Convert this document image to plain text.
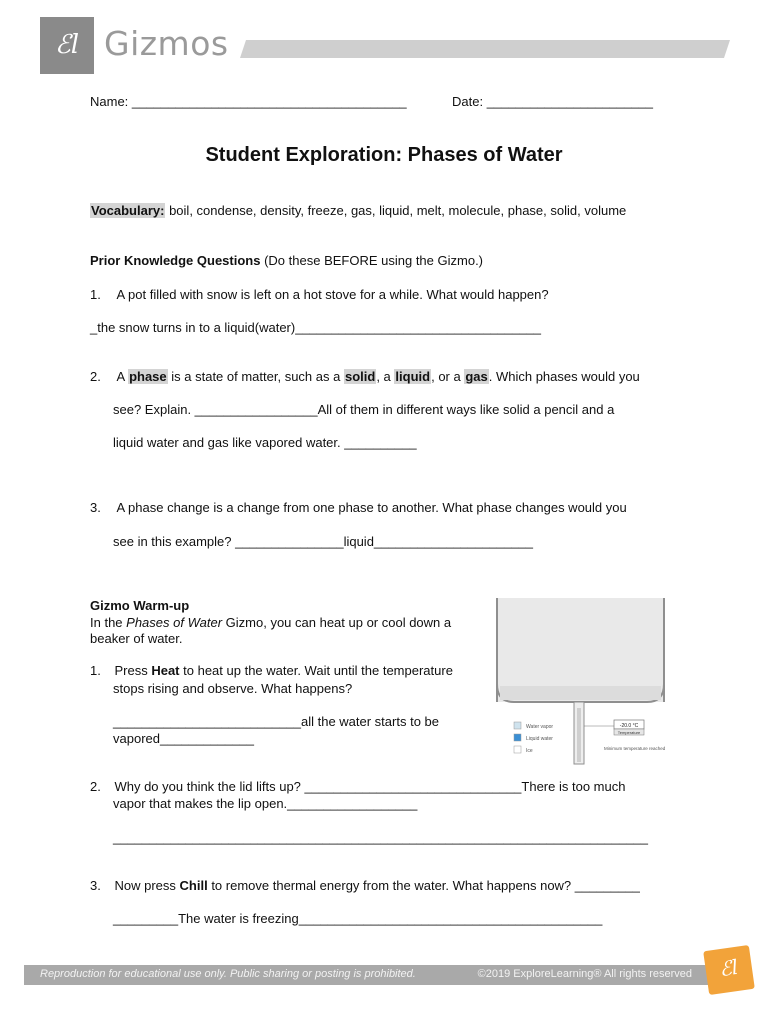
ℰl Gizmos
Name: ______________________________________	Date: _______________________
Student Exploration: Phases of Water
Vocabulary: boil, condense, density, freeze, gas, liquid, melt, molecule, phase, solid, volume
Prior Knowledge Questions (Do these BEFORE using the Gizmo.)
1. A pot filled with snow is left on a hot stove for a while. What would happen?
_the snow turns in to a liquid(water)__________________________________
2. A phase is a state of matter, such as a solid, a liquid, or a gas. Which phases would you
see? Explain. _________________All of them in different ways like solid a pencil and a
liquid water and gas like vapored water. __________
3. A phase change is a change from one phase to another. What phase changes would you
see in this example? _______________liquid______________________
Gizmo Warm-up
In the Phases of Water Gizmo, you can heat up or cool down a
beaker of water.
1. Press Heat to heat up the water. Wait until the temperature
stops rising and observe. What happens?
__________________________all the water starts to be
vapored_____________
2. Why do you think the lid lifts up? ______________________________There is too much
vapor that makes the lip open.__________________
__________________________________________________________________________
3. Now press Chill to remove thermal energy from the water. What happens now? _________
_________The water is freezing__________________________________________
Water vapor
Liquid water
Ice
-20.0 °C
Temperature
Minimum temperature reached
Reproduction for educational use only. Public sharing or posting is prohibited.	©2019 ExploreLearning® All rights reserved	ℰl
